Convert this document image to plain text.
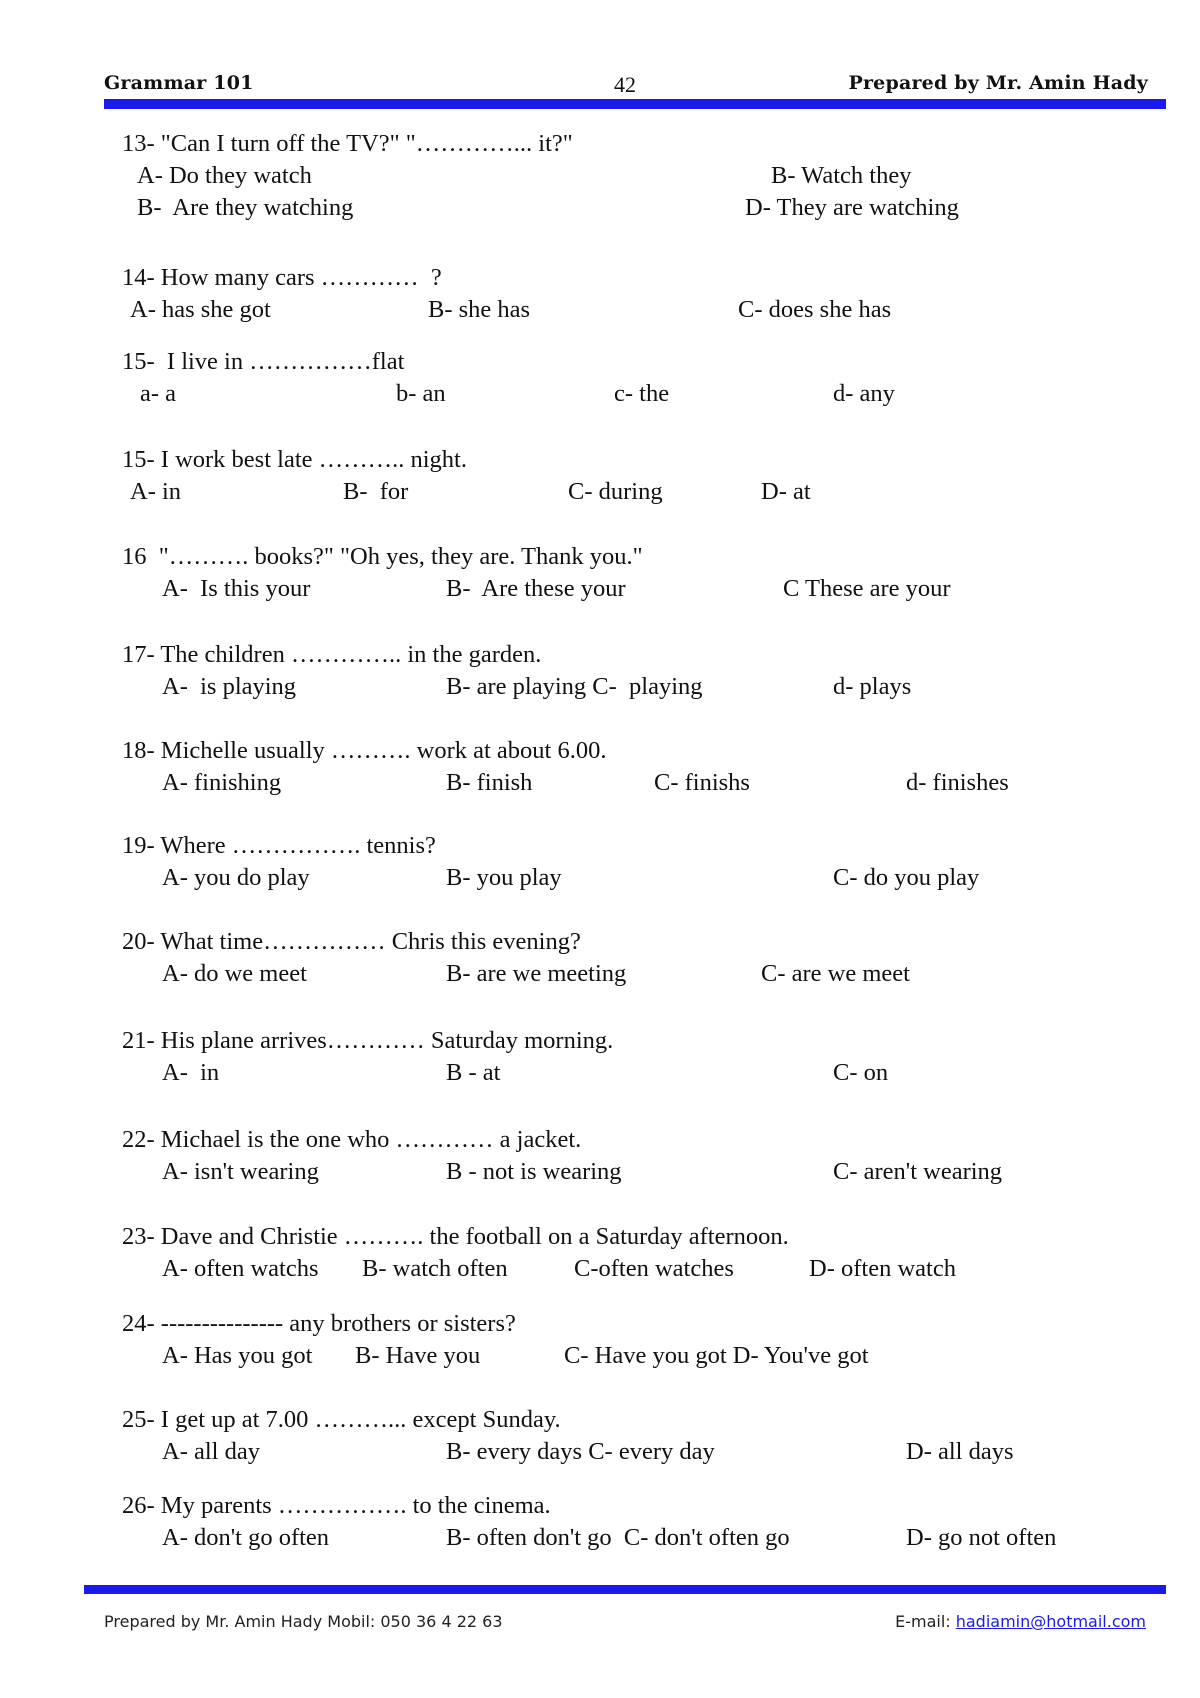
Grammar 101	42	Prepared by Mr. Amin Hady
13- "Can I turn off the TV?" "…………... it?"
A- Do they watch	B- Watch they
B-  Are they watching	D- They are watching
14- How many cars …………  ?
A- has she got	B- she has	C- does she has
15-  I live in ……………flat
a- a	b- an	c- the	d- any
15- I work best late ……….. night.
A- in	B-  for	C- during	D- at
16  "………. books?" "Oh yes, they are. Thank you."
A-  Is this your	B-  Are these your	C These are your
17- The children ………….. in the garden.
A-  is playing	B- are playing C-  playing	d- plays
18- Michelle usually ………. work at about 6.00.
A- finishing	B- finish	C- finishs	d- finishes
19- Where ……………. tennis?
A- you do play	B- you play	C- do you play
20- What time…………… Chris this evening?
A- do we meet	B- are we meeting	C- are we meet
21- His plane arrives………… Saturday morning.
A-  in	B - at	C- on
22- Michael is the one who ………… a jacket.
A- isn't wearing	B - not is wearing	C- aren't wearing
23- Dave and Christie ………. the football on a Saturday afternoon.
A- often watchs B- watch often	C-often watches	D- often watch
24- --------------- any brothers or sisters?
A- Has you got B- Have you	C- Have you got D- You've got
25- I get up at 7.00 ………... except Sunday.
A- all day	B- every days C- every day	D- all days
26- My parents ……………. to the cinema.
A- don't go often	B- often don't go  C- don't often go	D- go not often
Prepared by Mr. Amin Hady Mobil: 050 36 4 22 63	E-mail: hadiamin@hotmail.com
